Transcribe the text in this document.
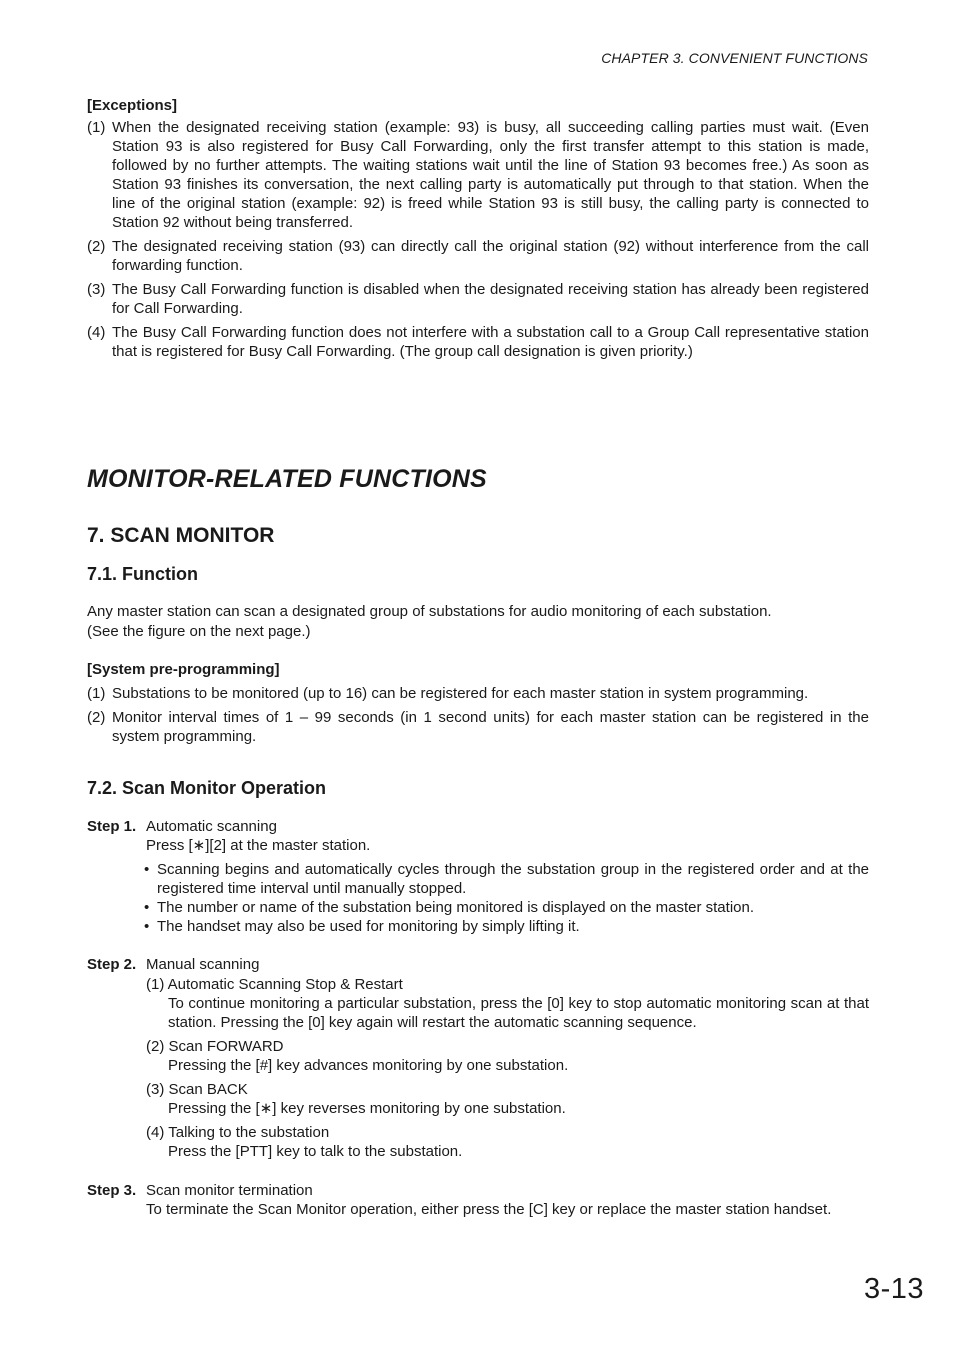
CHAPTER 3. CONVENIENT FUNCTIONS
[Exceptions]
(1) When the designated receiving station (example: 93) is busy, all succeeding calling parties must wait. (Even Station 93 is also registered for Busy Call Forwarding, only the first transfer attempt to this station is made, followed by no further attempts. The waiting stations wait until the line of Station 93 becomes free.) As soon as Station 93 finishes its conversation, the next calling party is automatically put through to that station. When the line of the original station (example: 92) is freed while Station 93 is still busy, the calling party is connected to Station 92 without being transferred.
(2) The designated receiving station (93) can directly call the original station (92) without interference from the call forwarding function.
(3) The Busy Call Forwarding function is disabled when the designated receiving station has already been registered for Call Forwarding.
(4) The Busy Call Forwarding function does not interfere with a substation call to a Group Call representative station that is registered for Busy Call Forwarding. (The group call designation is given priority.)
MONITOR-RELATED FUNCTIONS
7. SCAN MONITOR
7.1. Function

Any master station can scan a designated group of substations for audio monitoring of each substation.

(See the figure on the next page.)

[System pre-programming]
(1) Substations to be monitored (up to 16) can be registered for each master station in system programming.
(2) Monitor interval times of 1 – 99 seconds (in 1 second units) for each master station can be registered in the system programming.
7.2. Scan Monitor Operation
Step 1. Automatic scanning
Press [∗][2] at the master station.
• Scanning begins and automatically cycles through the substation group in the registered order and at the registered time interval until manually stopped.
• The number or name of the substation being monitored is displayed on the master station.
• The handset may also be used for monitoring by simply lifting it.
Step 2. Manual scanning
(1) Automatic Scanning Stop & Restart
To continue monitoring a particular substation, press the [0] key to stop automatic monitoring scan at that station. Pressing the [0] key again will restart the automatic scanning sequence.
(2) Scan FORWARD
Pressing the [#] key advances monitoring by one substation.
(3) Scan BACK
Pressing the [∗] key reverses monitoring by one substation.
(4) Talking to the substation
Press the [PTT] key to talk to the substation.
Step 3. Scan monitor termination
To terminate the Scan Monitor operation, either press the [C] key or replace the master station handset.
3-13
